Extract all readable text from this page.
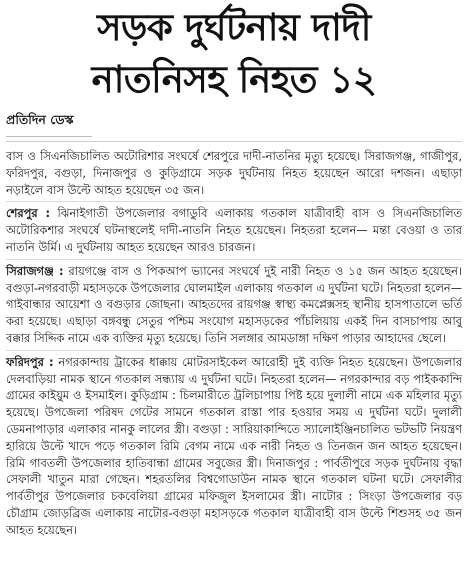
সড়ক দুর্ঘটনায় দাদী
নাতনিসহ নিহত ১২
প্রতিদিন ডেস্ক

বাস ও সিএনজিচালিত অটোরিশার সংঘর্ষে শেরপুরে দাদী-নাতনির মৃত্যু হয়েছে। সিরাজগঞ্জ, গাজীপুর, ফরিদপুর, বগুড়া, দিনাজপুর ও কুড়িগ্রামে সড়ক দুর্ঘটনায় নিহত হয়েছেন আরো দশজন। এছাড়া নড়াইলে বাস উল্টে আহত হয়েছেন ৩৫ জন।

শেরপুর : ঝিনাইগাতী উপজেলার বগাডুবি এলাকায় গতকাল যাত্রীবাহী বাস ও সিএনজিচালিত অটোরিকশার সংঘর্ষে ঘটনাস্থলেই দাদী-নাতনি নিহত হয়েছেন। নিহতরা হলেন— মন্তা বেওয়া ও তার নাতনি উর্মি। এ দুর্ঘটনায় আহত হয়েছেন আরও চারজন।

সিরাজগঞ্জ : রায়গঞ্জে বাস ও পিকআপ ভ্যানের সংঘর্ষে দুই নারী নিহত ও ১৫ জন আহত হয়েছেন। বগুড়া-নগরবাড়ী মহাসড়কে উপজেলার ঘোলমাইল এলাকায় গতকাল এ দুর্ঘটনা ঘটে। নিহতরা হলেন— গাইবান্ধার আয়েশা ও বগুড়ার জোছনা। আহতদের রায়গঞ্জ স্বাস্থ্য কমপ্লেক্সসহ স্থানীয় হাসপাতালে ভর্তি করা হয়েছে। এছাড়া বঙ্গবন্ধু সেতুর পশ্চিম সংযোগ মহাসড়কের পাঁচলিয়ায় একই দিন বাসচাপায় আবু বক্কার সিদ্দিক নামে এক ব্যক্তির মৃত্যু হয়েছে। তিনি সলঙ্গার আমডাঙ্গা দক্ষিণ পাড়ার আহাদের ছেলে।

ফরিদপুর : নগরকান্দায় ট্রাকের ধাক্কায় মোটরসাইকেল আরোহী দুই ব্যক্তি নিহত হয়েছেন। উপজেলার দেলবাড়িয়া নামক স্থানে গতকাল সন্ধ্যায় এ দুর্ঘটনা ঘটে। নিহতরা হলেন— নগরকান্দার বড় পাইককান্দি গ্রামের কাইয়ুম ও ইসমাইল। কুড়িগ্রাম : চিলমারীতে ট্রলিচাপায় পিষ্ট হয়ে দুলালী নামে এক মহিলার মৃত্যু হয়েছে। উপজেলা পরিষদ গেটের সামনে গতকাল রাস্তা পার হওয়ার সময় এ দুর্ঘটনা ঘটে। দুলালী ডেমনাপাড়ার এলাকার নানকু লালের স্ত্রী। বগুড়া : সারিয়াকান্দিতে স্যালোইঞ্জিনচালিত ভটভটি নিয়ন্ত্রণ হারিয়ে উল্টে খাদে পড়ে গতকাল রিমি বেগম নামে এক নারী নিহত ও তিনজন জন আহত হয়েছেন। রিমি গাবতলী উপজেলার হাতিবান্ধা গ্রামের সবুজের স্ত্রী। দিনাজপুর : পার্বতীপুরে সড়ক দুর্ঘটনায় বৃদ্ধা সেফালী খাতুন মারা গেছেন। শহরতলির বিশ্বগোডাউন নামক স্থানে গতকাল ঘটনা ঘটে। সেফালীর পার্বতীপুর উপজেলার চকবেলিয়া গ্রামের মফিজুল ইসলামের স্ত্রী। নাটোর : সিংড়া উপজেলার বড় চৌগ্রাম জোড়ব্রিজ এলাকায় নাটোর-বগুড়া মহাসড়কে গতকাল যাত্রীবাহী বাস উল্টে শিশুসহ ৩৫ জন আহত হয়েছেন।
